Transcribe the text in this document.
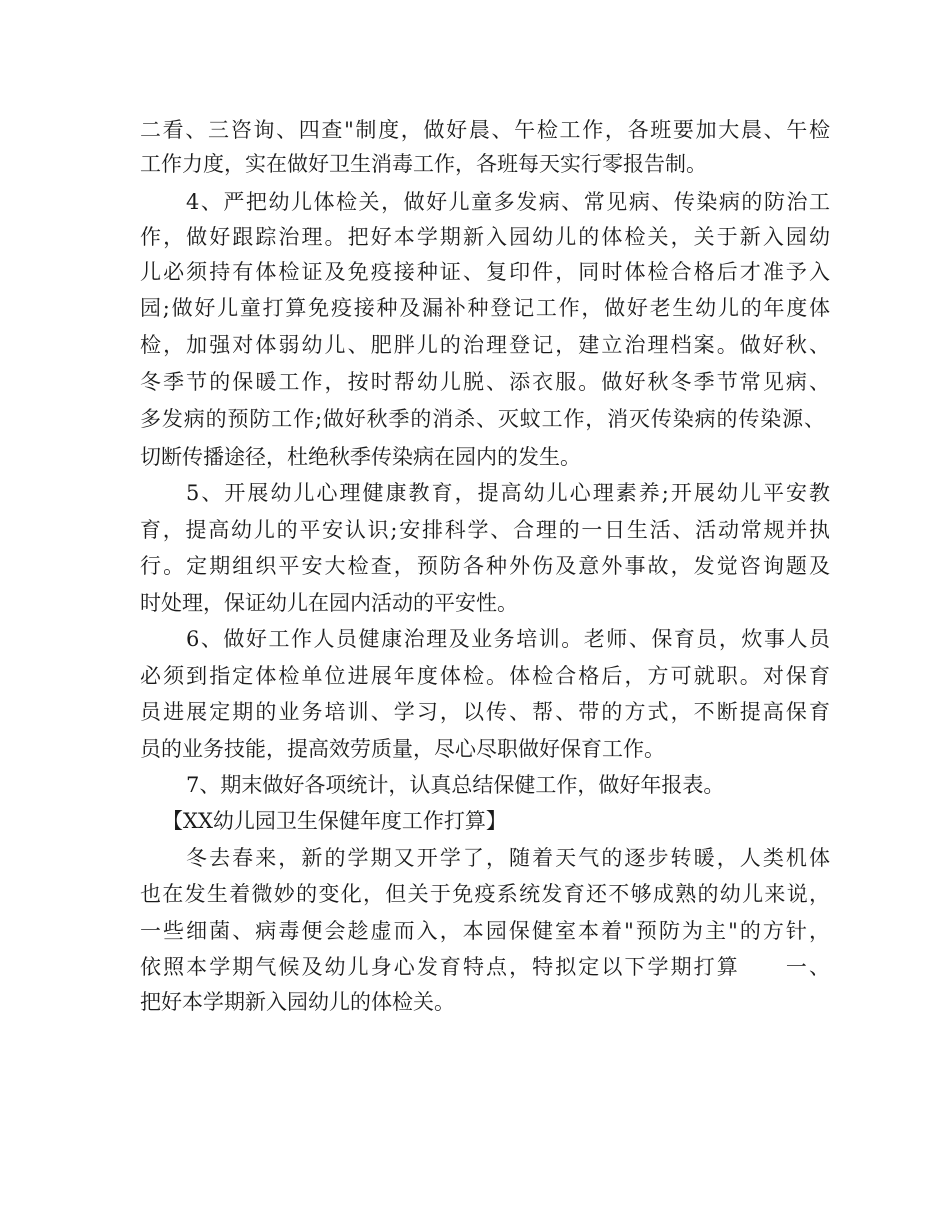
二看、三咨询、四查"制度，做好晨、午检工作，各班要加大晨、午检
工作力度，实在做好卫生消毒工作，各班每天实行零报告制。
4、严把幼儿体检关，做好儿童多发病、常见病、传染病的防治工
作，做好跟踪治理。把好本学期新入园幼儿的体检关，关于新入园幼
儿必须持有体检证及免疫接种证、复印件，同时体检合格后才准予入
园;做好儿童打算免疫接种及漏补种登记工作，做好老生幼儿的年度体
检，加强对体弱幼儿、肥胖儿的治理登记，建立治理档案。做好秋、
冬季节的保暖工作，按时帮幼儿脱、添衣服。做好秋冬季节常见病、
多发病的预防工作;做好秋季的消杀、灭蚊工作，消灭传染病的传染源、
切断传播途径，杜绝秋季传染病在园内的发生。
5、开展幼儿心理健康教育，提高幼儿心理素养;开展幼儿平安教
育，提高幼儿的平安认识;安排科学、合理的一日生活、活动常规并执
行。定期组织平安大检查，预防各种外伤及意外事故，发觉咨询题及
时处理，保证幼儿在园内活动的平安性。
6、做好工作人员健康治理及业务培训。老师、保育员，炊事人员
必须到指定体检单位进展年度体检。体检合格后，方可就职。对保育
员进展定期的业务培训、学习，以传、帮、带的方式，不断提高保育
员的业务技能，提高效劳质量，尽心尽职做好保育工作。
7、期末做好各项统计，认真总结保健工作，做好年报表。
【XX幼儿园卫生保健年度工作打算】
冬去春来，新的学期又开学了，随着天气的逐步转暖，人类机体
也在发生着微妙的变化，但关于免疫系统发育还不够成熟的幼儿来说，
一些细菌、病毒便会趁虚而入，本园保健室本着"预防为主"的方针，
依照本学期气候及幼儿身心发育特点，特拟定以下学期打算　　一、
把好本学期新入园幼儿的体检关。
